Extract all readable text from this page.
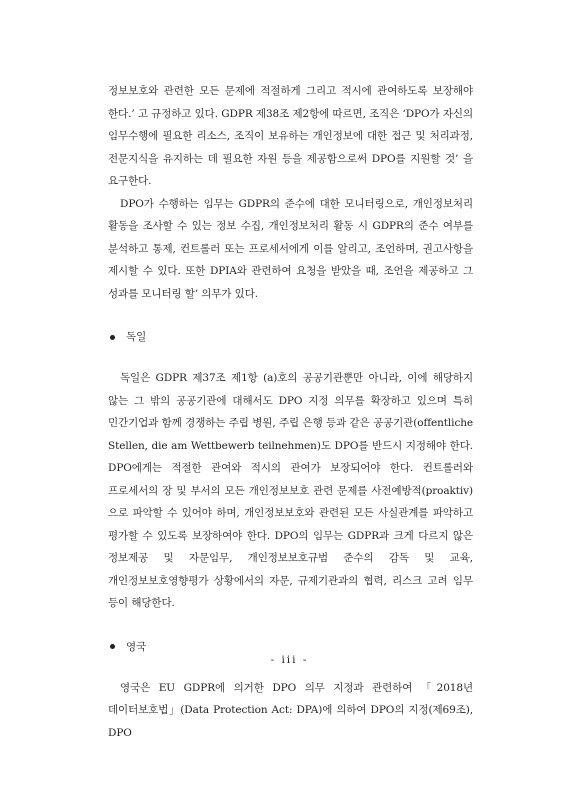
정보보호와 관련한 모든 문제에 적절하게 그리고 적시에 관여하도록 보장해야 한다.’ 고 규정하고 있다. GDPR 제38조 제2항에 따르면, 조직은 ‘DPO가 자신의 임무수행에 필요한 리소스, 조직이 보유하는 개인정보에 대한 접근 및 처리과정, 전문지식을 유지하는 데 필요한 자원 등을 제공함으로써 DPO를 지원할 것’ 을 요구한다.

DPO가 수행하는 임무는 GDPR의 준수에 대한 모니터링으로, 개인정보처리 활동을 조사할 수 있는 정보 수집, 개인정보처리 활동 시 GDPR의 준수 여부를 분석하고 통제, 컨트롤러 또는 프로세서에게 이를 알리고, 조언하며, 권고사항을 제시할 수 있다. 또한 DPIA와 관련하여 요청을 받았을 때, 조언을 제공하고 그 성과를 모니터링 할’ 의무가 있다.

독일

독일은 GDPR 제37조 제1항 (a)호의 공공기관뿐만 아니라, 이에 해당하지 않는 그 밖의 공공기관에 대해서도 DPO 지정 의무를 확장하고 있으며 특히 민간기업과 함께 경쟁하는 주립 병원, 주립 은행 등과 같은 공공기관(offentliche Stellen, die am Wettbewerb teilnehmen)도 DPO를 반드시 지정해야 한다. DPO에게는 적절한 관여와 적시의 관여가 보장되어야 한다. 컨트롤러와 프로세서의 장 및 부서의 모든 개인정보보호 관련 문제를 사전예방적(proaktiv)으로 파악할 수 있어야 하며, 개인정보보호와 관련된 모든 사실관계를 파악하고 평가할 수 있도록 보장하여야 한다. DPO의 임무는 GDPR과 크게 다르지 않은 정보제공 및 자문임무, 개인정보보호규범 준수의 감독 및 교육, 개인정보보호영향평가 상황에서의 자문, 규제기관과의 협력, 리스크 고려 임무 등이 해당한다.

영국

영국은 EU GDPR에 의거한 DPO 의무 지정과 관련하여 「2018년 데이터보호법」(Data Protection Act: DPA)에 의하여 DPO의 지정(제69조), DPO

- iii -
